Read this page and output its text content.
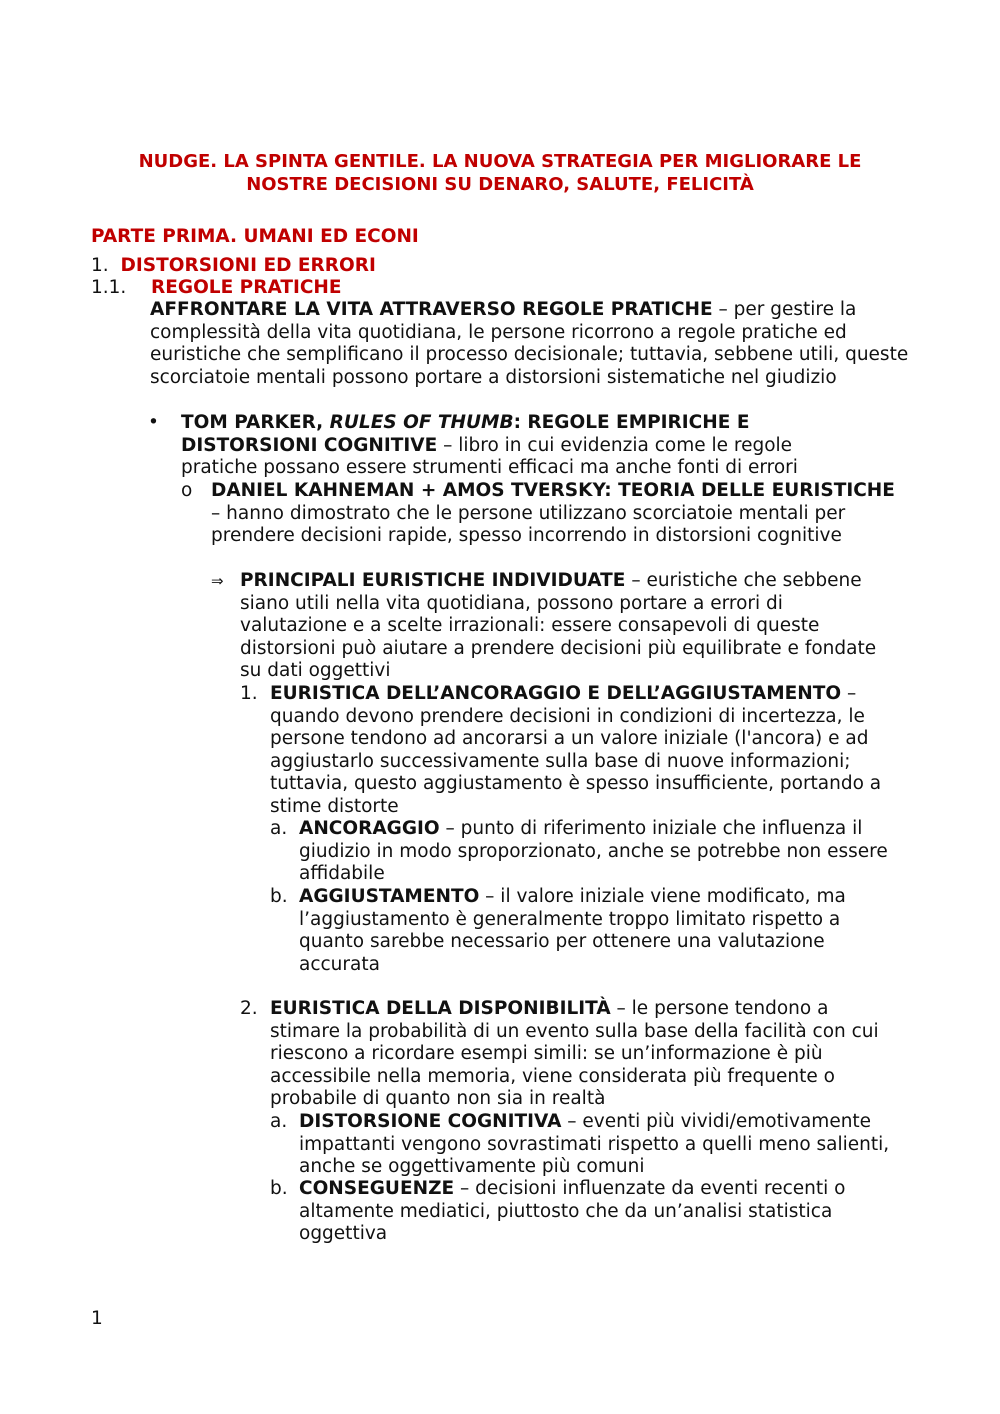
NUDGE. LA SPINTA GENTILE. LA NUOVA STRATEGIA PER MIGLIORARE LE
NOSTRE DECISIONI SU DENARO, SALUTE, FELICITÀ
PARTE PRIMA. UMANI ED ECONI
1. DISTORSIONI ED ERRORI
1.1. REGOLE PRATICHE
AFFRONTARE LA VITA ATTRAVERSO REGOLE PRATICHE – per gestire la complessità della vita quotidiana, le persone ricorrono a regole pratiche ed euristiche che semplificano il processo decisionale; tuttavia, sebbene utili, queste scorciatoie mentali possono portare a distorsioni sistematiche nel giudizio
• TOM PARKER, RULES OF THUMB: REGOLE EMPIRICHE E DISTORSIONI COGNITIVE – libro in cui evidenzia come le regole pratiche possano essere strumenti efficaci ma anche fonti di errori
o DANIEL KAHNEMAN + AMOS TVERSKY: TEORIA DELLE EURISTICHE – hanno dimostrato che le persone utilizzano scorciatoie mentali per prendere decisioni rapide, spesso incorrendo in distorsioni cognitive
⇒ PRINCIPALI EURISTICHE INDIVIDUATE – euristiche che sebbene siano utili nella vita quotidiana, possono portare a errori di valutazione e a scelte irrazionali: essere consapevoli di queste distorsioni può aiutare a prendere decisioni più equilibrate e fondate su dati oggettivi
1. EURISTICA DELL’ANCORAGGIO E DELL’AGGIUSTAMENTO – quando devono prendere decisioni in condizioni di incertezza, le persone tendono ad ancorarsi a un valore iniziale (l'ancora) e ad aggiustarlo successivamente sulla base di nuove informazioni; tuttavia, questo aggiustamento è spesso insufficiente, portando a stime distorte
a. ANCORAGGIO – punto di riferimento iniziale che influenza il giudizio in modo sproporzionato, anche se potrebbe non essere affidabile
b. AGGIUSTAMENTO – il valore iniziale viene modificato, ma l’aggiustamento è generalmente troppo limitato rispetto a quanto sarebbe necessario per ottenere una valutazione accurata
2. EURISTICA DELLA DISPONIBILITÀ – le persone tendono a stimare la probabilità di un evento sulla base della facilità con cui riescono a ricordare esempi simili: se un’informazione è più accessibile nella memoria, viene considerata più frequente o probabile di quanto non sia in realtà
a. DISTORSIONE COGNITIVA – eventi più vividi/emotivamente impattanti vengono sovrastimati rispetto a quelli meno salienti, anche se oggettivamente più comuni
b. CONSEGUENZE – decisioni influenzate da eventi recenti o altamente mediatici, piuttosto che da un’analisi statistica oggettiva
1
